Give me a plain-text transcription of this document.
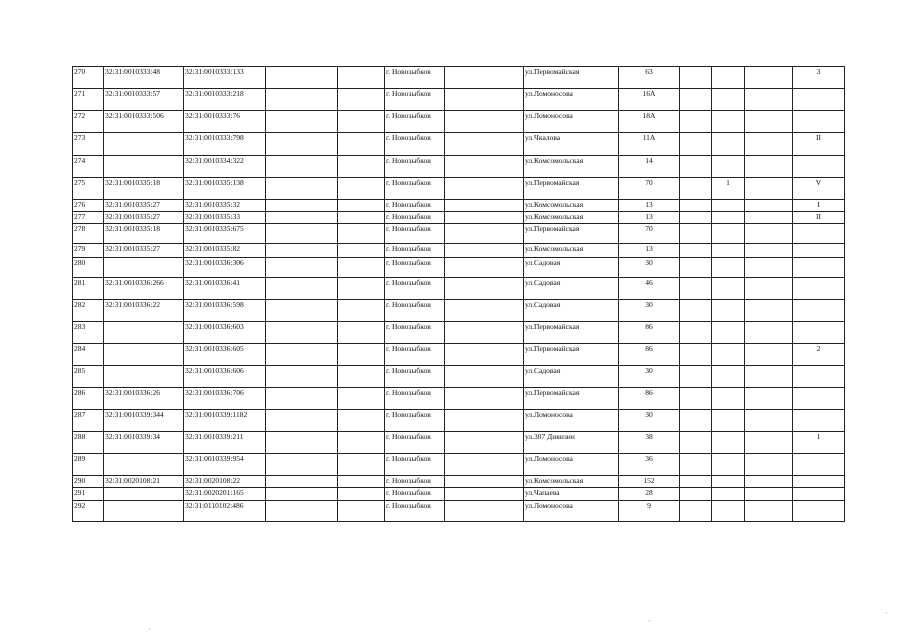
270	32:31:0010333:48	32:31:0010333:133			г. Новозыбков		ул.Первомайская	63				3
271	32:31:0010333:57	32:31:0010333:218			г. Новозыбков		ул.Ломоносова	16А				
272	32:31:0010333:506	32:31:0010333:76			г. Новозыбков		ул.Ломоносова	18А				
273		32:31:0010333:798			г. Новозыбков		ул.Чкалова	11А				II
274		32:31:0010334:322			г. Новозыбков		ул.Комсомольская	14				
275	32:31:0010335:18	32:31:0010335:138			г. Новозыбков		ул.Первомайская	70		1		V
276	32:31:0010335:27	32:31:0010335:32			г. Новозыбков		ул.Комсомольская	13				I
277	32:31:0010335:27	32:31:0010335:33			г. Новозыбков		ул.Комсомольская	13				II
278	32:31:0010335:18	32:31:0010335:675			г. Новозыбков		ул.Первомайская	70				
279	32:31:0010335:27	32:31:0010335:82			г. Новозыбков		ул.Комсомольская	13				
280		32:31:0010336:306			г. Новозыбков		ул.Садовая	30				
281	32:31:0010336:266	32:31:0010336:41			г. Новозыбков		ул.Садовая	46				
282	32:31:0010336:22	32:31:0010336:598			г. Новозыбков		ул.Садовая	30				
283		32:31:0010336:603			г. Новозыбков		ул.Первомайская	86				
284		32:31:0010336:605			г. Новозыбков		ул.Первомайская	86				2
285		32:31:0010336:606			г. Новозыбков		ул.Садовая	30				
286	32:31:0010336:26	32:31:0010336:706			г. Новозыбков		ул.Первомайская	86				
287	32:31:0010339:344	32:31:0010339:1182			г. Новозыбков		ул.Ломоносова	30				
288	32:31:0010339:34	32:31:0010339:211			г. Новозыбков		ул.307 Дивизии	38				1
289		32:31:0010339:954			г. Новозыбков		ул.Ломоносова	36				
290	32:31:0020108:21	32:31:0020108:22			г. Новозыбков		ул.Комсомольская	152				
291		32:31:0020201:165			г. Новозыбков		ул.Чапаева	28				
292		32:31:0110102:486			г. Новозыбков		ул.Ломоносова	9				
ˊ
ˊ
·
